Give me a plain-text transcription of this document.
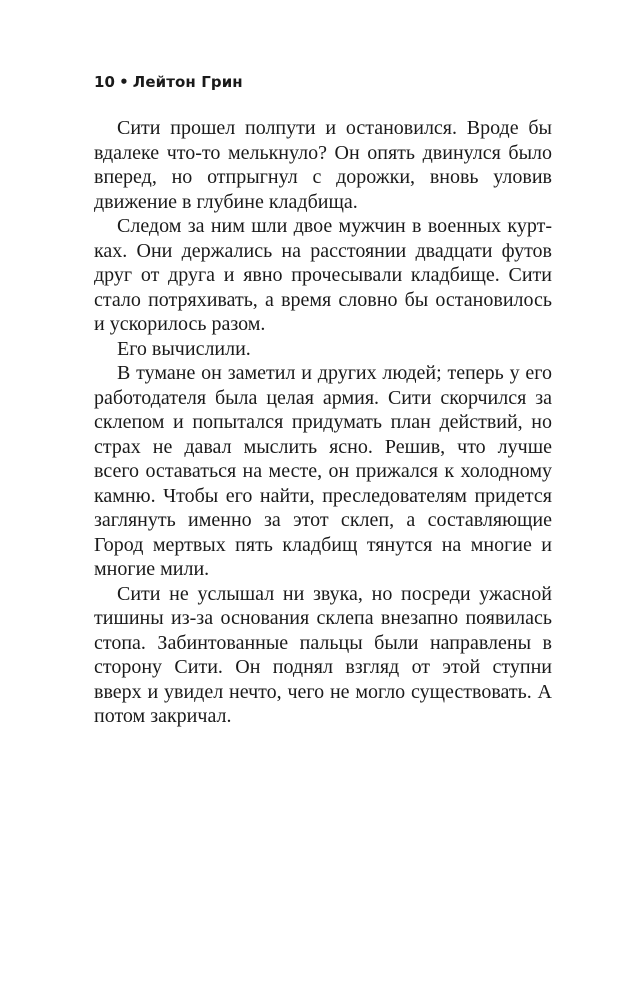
10 • Лейтон Грин

Сити прошел полпути и остановился. Вроде бы вдалеке что-то мелькнуло? Он опять двинулся было вперед, но отпрыгнул с дорожки, вновь уловив движение в глубине кладбища.

Следом за ним шли двое мужчин в военных куртках. Они держались на расстоянии двадцати футов друг от друга и явно прочесывали кладбище. Сити стало потряхивать, а время словно бы остановилось и ускорилось разом.

Его вычислили.

В тумане он заметил и других людей; теперь у его работодателя была целая армия. Сити скорчился за склепом и попытался придумать план действий, но страх не давал мыслить ясно. Решив, что лучше всего оставаться на месте, он прижался к холодному камню. Чтобы его найти, преследователям придется заглянуть именно за этот склеп, а составляющие Город мертвых пять кладбищ тянутся на многие и многие мили.

Сити не услышал ни звука, но посреди ужасной тишины из-за основания склепа внезапно появилась стопа. Забинтованные пальцы были направлены в сторону Сити. Он поднял взгляд от этой ступни вверх и увидел нечто, чего не могло существовать. А потом закричал.
